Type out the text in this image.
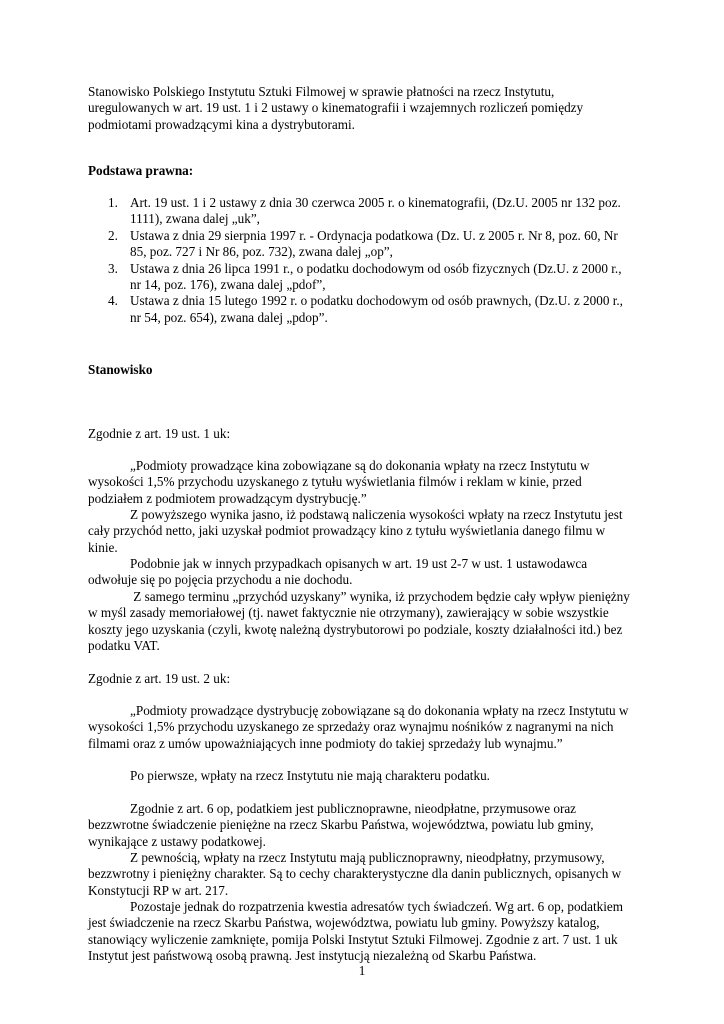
Stanowisko Polskiego Instytutu Sztuki Filmowej w sprawie płatności na rzecz Instytutu,
uregulowanych w art. 19 ust. 1 i 2 ustawy o kinematografii i wzajemnych rozliczeń pomiędzy
podmiotami prowadzącymi kina a dystrybutorami.
Podstawa prawna:
1. Art. 19 ust. 1 i 2 ustawy z dnia 30 czerwca 2005 r. o kinematografii, (Dz.U. 2005 nr 132 poz.
1111), zwana dalej „uk”,
2. Ustawa z dnia 29 sierpnia 1997 r. - Ordynacja podatkowa (Dz. U. z 2005 r. Nr 8, poz. 60, Nr
85, poz. 727 i Nr 86, poz. 732), zwana dalej „op”,
3. Ustawa z dnia 26 lipca 1991 r., o podatku dochodowym od osób fizycznych (Dz.U. z 2000 r.,
nr 14, poz. 176), zwana dalej „pdof”,
4. Ustawa z dnia 15 lutego 1992 r. o podatku dochodowym od osób prawnych, (Dz.U. z 2000 r.,
nr 54, poz. 654), zwana dalej „pdop”.
Stanowisko
Zgodnie z art. 19 ust. 1 uk:
„Podmioty prowadzące kina zobowiązane są do dokonania wpłaty na rzecz Instytutu w
wysokości 1,5% przychodu uzyskanego z tytułu wyświetlania filmów i reklam w kinie, przed
podziałem z podmiotem prowadzącym dystrybucję.”
Z powyższego wynika jasno, iż podstawą naliczenia wysokości wpłaty na rzecz Instytutu jest
cały przychód netto, jaki uzyskał podmiot prowadzący kino z tytułu wyświetlania danego filmu w
kinie.
Podobnie jak w innych przypadkach opisanych w art. 19 ust 2-7 w ust. 1 ustawodawca
odwołuje się po pojęcia przychodu a nie dochodu.
Z samego terminu „przychód uzyskany” wynika, iż przychodem będzie cały wpływ pieniężny
w myśl zasady memoriałowej (tj. nawet faktycznie nie otrzymany), zawierający w sobie wszystkie
koszty jego uzyskania (czyli, kwotę należną dystrybutorowi po podziale, koszty działalności itd.) bez
podatku VAT.
Zgodnie z art. 19 ust. 2 uk:
„Podmioty prowadzące dystrybucję zobowiązane są do dokonania wpłaty na rzecz Instytutu w
wysokości 1,5% przychodu uzyskanego ze sprzedaży oraz wynajmu nośników z nagranymi na nich
filmami oraz z umów upoważniających inne podmioty do takiej sprzedaży lub wynajmu.”
Po pierwsze, wpłaty na rzecz Instytutu nie mają charakteru podatku.
Zgodnie z art. 6 op, podatkiem jest publicznoprawne, nieodpłatne, przymusowe oraz
bezzwrotne świadczenie pieniężne na rzecz Skarbu Państwa, województwa, powiatu lub gminy,
wynikające z ustawy podatkowej.
Z pewnością, wpłaty na rzecz Instytutu mają publicznoprawny, nieodpłatny, przymusowy,
bezzwrotny i pieniężny charakter. Są to cechy charakterystyczne dla danin publicznych, opisanych w
Konstytucji RP w art. 217.
Pozostaje jednak do rozpatrzenia kwestia adresatów tych świadczeń. Wg art. 6 op, podatkiem
jest świadczenie na rzecz Skarbu Państwa, województwa, powiatu lub gminy. Powyższy katalog,
stanowiący wyliczenie zamknięte, pomija Polski Instytut Sztuki Filmowej. Zgodnie z art. 7 ust. 1 uk
Instytut jest państwową osobą prawną. Jest instytucją niezależną od Skarbu Państwa.
1
